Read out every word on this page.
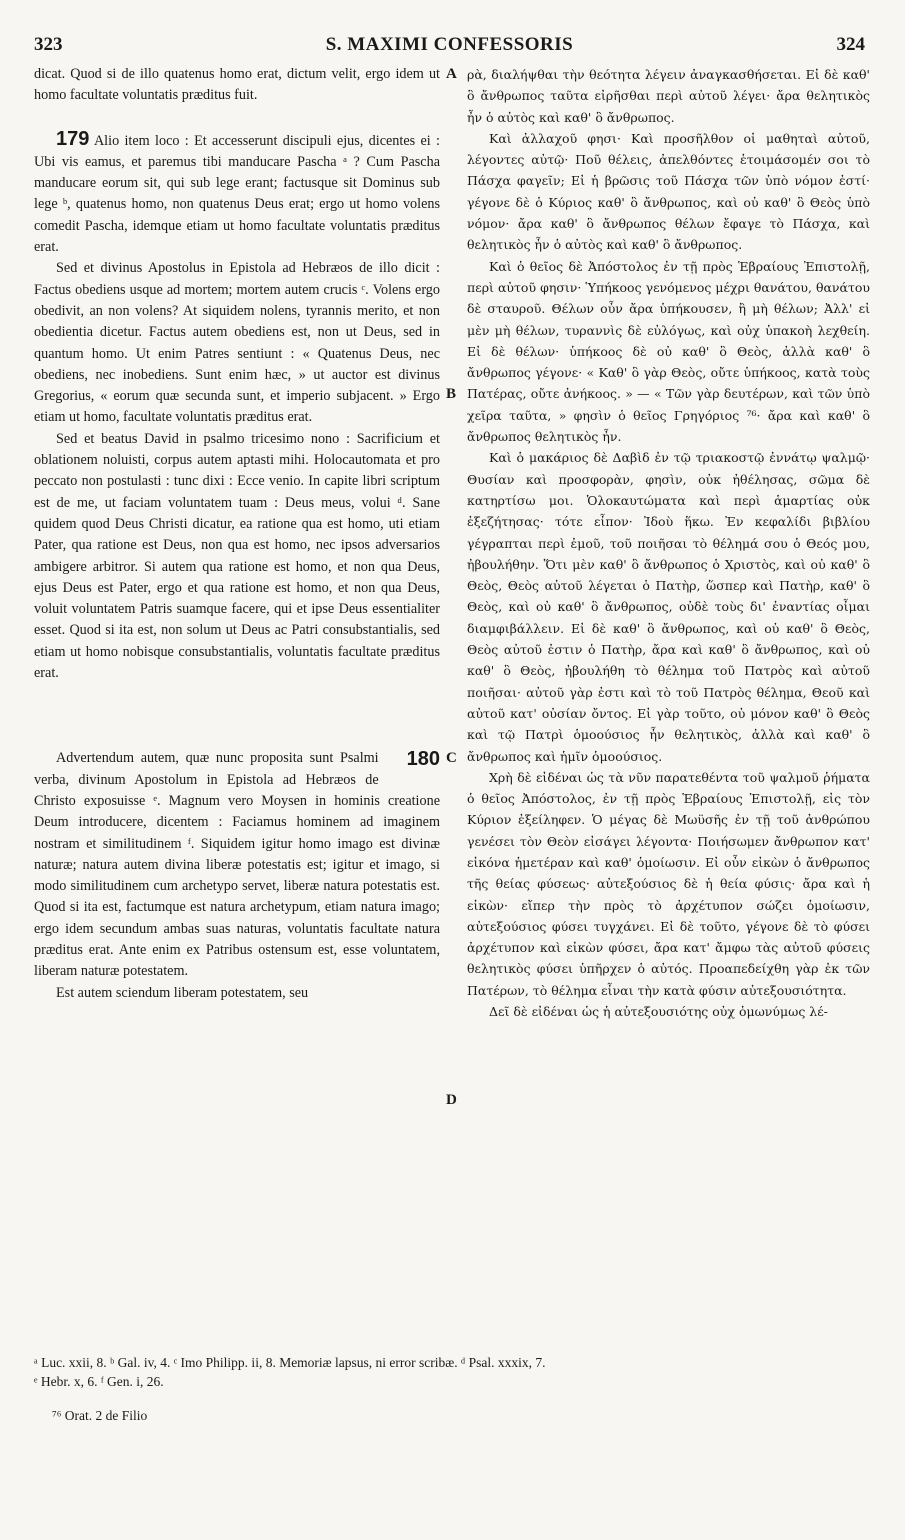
323	S. MAXIMI CONFESSORIS	324

dicat. Quod si de illo quatenus homo erat, dictum velit, ergo idem ut homo facultate voluntatis præditus fuit.

179 Alio item loco : Et accesserunt discipuli ejus, dicentes ei : Ubi vis eamus, et paremus tibi manducare Pascha ᵃ ? Cum Pascha manducare eorum sit, qui sub lege erant; factusque sit Dominus sub lege ᵇ, quatenus homo, non quatenus Deus erat; ergo ut homo volens comedit Pascha, idemque etiam ut homo facultate voluntatis præditus erat.

Sed et divinus Apostolus in Epistola ad Hebræos de illo dicit : Factus obediens usque ad mortem; mortem autem crucis ᶜ. Volens ergo obedivit, an non volens? At siquidem nolens, tyrannis merito, et non obedientia dicetur. Factus autem obediens est, non ut Deus, sed in quantum homo. Ut enim Patres sentiunt : « Quatenus Deus, nec obediens, nec inobediens. Sunt enim hæc, » ut auctor est divinus Gregorius, « eorum quæ secunda sunt, et imperio subjacent. » Ergo etiam ut homo, facultate voluntatis præditus erat.

Sed et beatus David in psalmo tricesimo nono : Sacrificium et oblationem noluisti, corpus autem aptasti mihi. Holocautomata et pro peccato non postulasti : tunc dixi : Ecce venio. In capite libri scriptum est de me, ut faciam voluntatem tuam : Deus meus, volui ᵈ. Sane quidem quod Deus Christi dicatur, ea ratione qua est homo, uti etiam Pater, qua ratione est Deus, non qua est homo, nec ipsos adversarios ambigere arbitror. Si autem qua ratione est homo, et non qua Deus, ejus Deus est Pater, ergo et qua ratione est homo, et non qua Deus, voluit voluntatem Patris suamque facere, qui et ipse Deus essentialiter esset. Quod si ita est, non solum ut Deus ac Patri consubstantialis, sed etiam ut homo nobisque consubstantialis, voluntatis facultate præditus erat.

180
Advertendum autem, quæ nunc proposita sunt Psalmi verba, divinum Apostolum in Epistola ad Hebræos de Christo exposuisse ᵉ. Magnum vero Moysen in hominis creatione Deum introducere, dicentem : Faciamus hominem ad imaginem nostram et similitudinem ᶠ. Siquidem igitur homo imago est divinæ naturæ; natura autem divina liberæ potestatis est; igitur et imago, si modo similitudinem cum archetypo servet, liberæ natura potestatis est. Quod si ita est, factumque est natura archetypum, etiam natura imago; ergo idem secundum ambas suas naturas, voluntatis facultate natura præditus erat. Ante enim ex Patribus ostensum est, esse voluntatem, liberam naturæ potestatem.

Est autem sciendum liberam potestatem, seu

A
B
C
D

ρὰ, διαλήψθαι τὴν θεότητα λέγειν ἀναγκασθήσεται. Εἰ δὲ καθ' ὃ ἄνθρωπος ταῦτα εἰρῆσθαι περὶ αὐτοῦ λέγει· ἄρα θελητικὸς ἦν ὁ αὐτὸς καὶ καθ' ὃ ἄνθρωπος.

Καὶ ἀλλαχοῦ φησι· Καὶ προσῆλθον οἱ μαθηταὶ αὐτοῦ, λέγοντες αὐτῷ· Ποῦ θέλεις, ἀπελθόντες ἑτοιμάσομέν σοι τὸ Πάσχα φαγεῖν; Εἰ ἡ βρῶσις τοῦ Πάσχα τῶν ὑπὸ νόμον ἐστί· γέγονε δὲ ὁ Κύριος καθ' ὃ ἄνθρωπος, καὶ οὐ καθ' ὃ Θεὸς ὑπὸ νόμον· ἄρα καθ' ὃ ἄνθρωπος θέλων ἔφαγε τὸ Πάσχα, καὶ θελητικὸς ἦν ὁ αὐτὸς καὶ καθ' ὃ ἄνθρωπος.

Καὶ ὁ θεῖος δὲ Ἀπόστολος ἐν τῇ πρὸς Ἑβραίους Ἐπιστολῇ, περὶ αὐτοῦ φησιν· Ὑπήκοος γενόμενος μέχρι θανάτου, θανάτου δὲ σταυροῦ. Θέλων οὖν ἄρα ὑπήκουσεν, ἢ μὴ θέλων; Ἀλλ' εἰ μὲν μὴ θέλων, τυραννὶς δὲ εὐλόγως, καὶ οὐχ ὑπακοὴ λεχθείη. Εἰ δὲ θέλων· ὑπήκοος δὲ οὐ καθ' ὃ Θεὸς, ἀλλὰ καθ' ὃ ἄνθρωπος γέγονε· « Καθ' ὃ γὰρ Θεὸς, οὔτε ὑπήκοος, κατὰ τοὺς Πατέρας, οὔτε ἀνήκοος. » — « Τῶν γὰρ δευτέρων, καὶ τῶν ὑπὸ χεῖρα ταῦτα, » φησὶν ὁ θεῖος Γρηγόριος ⁷⁶· ἄρα καὶ καθ' ὃ ἄνθρωπος θελητικὸς ἦν.

Καὶ ὁ μακάριος δὲ Δαβὶδ ἐν τῷ τριακοστῷ ἐννάτῳ ψαλμῷ· Θυσίαν καὶ προσφορὰν, φησὶν, οὐκ ἠθέλησας, σῶμα δὲ κατηρτίσω μοι. Ὁλοκαυτώματα καὶ περὶ ἁμαρτίας οὐκ ἐξεζήτησας· τότε εἶπον· Ἰδοὺ ἥκω. Ἐν κεφαλίδι βιβλίου γέγραπται περὶ ἐμοῦ, τοῦ ποιῆσαι τὸ θέλημά σου ὁ Θεός μου, ἠβουλήθην. Ὅτι μὲν καθ' ὃ ἄνθρωπος ὁ Χριστὸς, καὶ οὐ καθ' ὃ Θεὸς, Θεὸς αὐτοῦ λέγεται ὁ Πατὴρ, ὥσπερ καὶ Πατὴρ, καθ' ὃ Θεὸς, καὶ οὐ καθ' ὃ ἄνθρωπος, οὐδὲ τοὺς δι' ἐναντίας οἶμαι διαμφιβάλλειν. Εἰ δὲ καθ' ὃ ἄνθρωπος, καὶ οὐ καθ' ὃ Θεὸς, Θεὸς αὐτοῦ ἐστιν ὁ Πατὴρ, ἄρα καὶ καθ' ὃ ἄνθρωπος, καὶ οὐ καθ' ὃ Θεὸς, ἠβουλήθη τὸ θέλημα τοῦ Πατρὸς καὶ αὐτοῦ ποιῆσαι· αὐτοῦ γὰρ ἐστι καὶ τὸ τοῦ Πατρὸς θέλημα, Θεοῦ καὶ αὐτοῦ κατ' οὐσίαν ὄντος. Εἰ γὰρ τοῦτο, οὐ μόνον καθ' ὃ Θεὸς καὶ τῷ Πατρὶ ὁμοούσιος ἦν θελητικὸς, ἀλλὰ καὶ καθ' ὃ ἄνθρωπος καὶ ἡμῖν ὁμοούσιος.

Χρὴ δὲ εἰδέναι ὡς τὰ νῦν παρατεθέντα τοῦ ψαλμοῦ ῥήματα ὁ θεῖος Ἀπόστολος, ἐν τῇ πρὸς Ἑβραίους Ἐπιστολῇ, εἰς τὸν Κύριον ἐξείληφεν. Ὁ μέγας δὲ Μωϋσῆς ἐν τῇ τοῦ ἀνθρώπου γενέσει τὸν Θεὸν εἰσάγει λέγοντα· Ποιήσωμεν ἄνθρωπον κατ' εἰκόνα ἡμετέραν καὶ καθ' ὁμοίωσιν. Εἰ οὖν εἰκὼν ὁ ἄνθρωπος τῆς θείας φύσεως· αὐτεξούσιος δὲ ἡ θεία φύσις· ἄρα καὶ ἡ εἰκὼν· εἴπερ τὴν πρὸς τὸ ἀρχέτυπον σώζει ὁμοίωσιν, αὐτεξούσιος φύσει τυγχάνει. Εἰ δὲ τοῦτο, γέγονε δὲ τὸ φύσει ἀρχέτυπον καὶ εἰκὼν φύσει, ἄρα κατ' ἄμφω τὰς αὐτοῦ φύσεις θελητικὸς φύσει ὑπῆρχεν ὁ αὐτός. Προαπεδείχθη γὰρ ἐκ τῶν Πατέρων, τὸ θέλημα εἶναι τὴν κατὰ φύσιν αὐτεξουσιότητα.

Δεῖ δὲ εἰδέναι ὡς ἡ αὐτεξουσιότης οὐχ ὁμωνύμως λέ-

ᵃ Luc. xxii, 8. ᵇ Gal. iv, 4. ᶜ Imo Philipp. ii, 8. Memoriæ lapsus, ni error scribæ. ᵈ Psal. xxxix, 7.
ᵉ Hebr. x, 6. ᶠ Gen. i, 26.
⁷⁶ Orat. 2 de Filio
